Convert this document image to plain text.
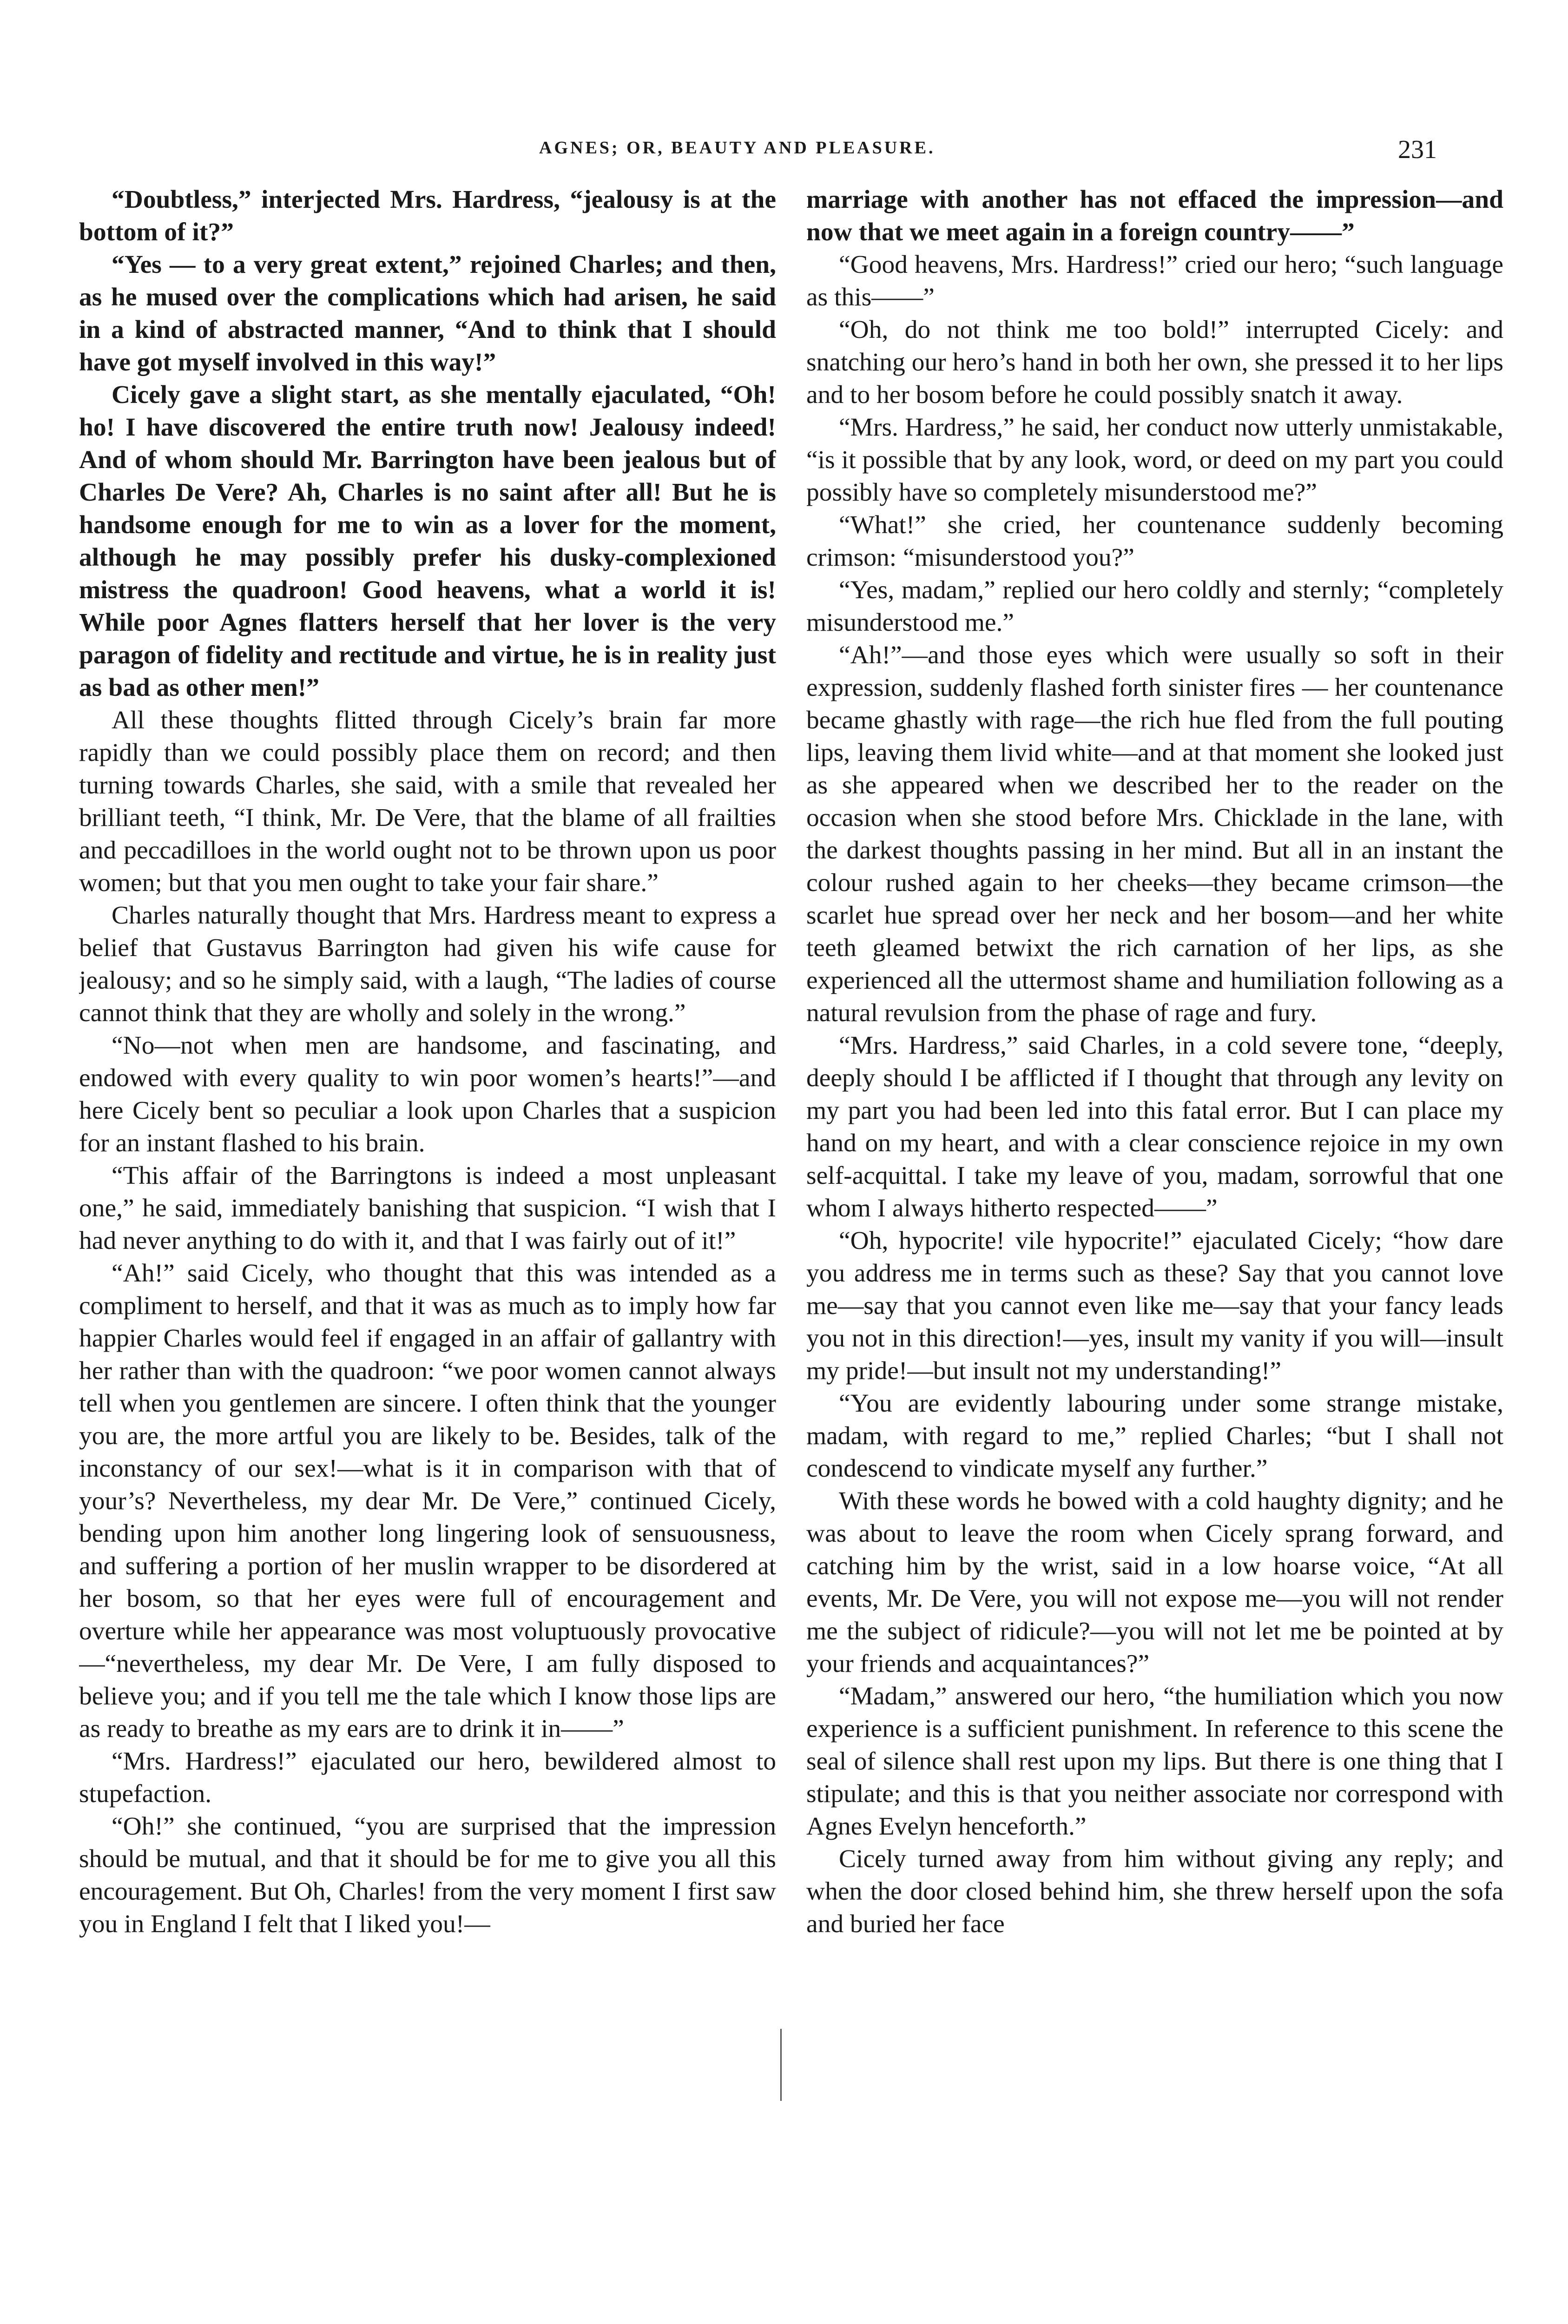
AGNES; OR, BEAUTY AND PLEASURE.	231

“Doubtless,” interjected Mrs. Hardress, “jealousy is at the bottom of it?”

“Yes — to a very great extent,” rejoined Charles; and then, as he mused over the complications which had arisen, he said in a kind of abstracted manner, “And to think that I should have got myself involved in this way!”

Cicely gave a slight start, as she mentally ejaculated, “Oh! ho! I have discovered the entire truth now! Jealousy indeed! And of whom should Mr. Barrington have been jealous but of Charles De Vere? Ah, Charles is no saint after all! But he is handsome enough for me to win as a lover for the moment, although he may possibly prefer his dusky-complexioned mistress the quadroon! Good heavens, what a world it is! While poor Agnes flatters herself that her lover is the very paragon of fidelity and rectitude and virtue, he is in reality just as bad as other men!”

All these thoughts flitted through Cicely’s brain far more rapidly than we could possibly place them on record; and then turning towards Charles, she said, with a smile that revealed her brilliant teeth, “I think, Mr. De Vere, that the blame of all frailties and peccadilloes in the world ought not to be thrown upon us poor women; but that you men ought to take your fair share.”

Charles naturally thought that Mrs. Hardress meant to express a belief that Gustavus Barrington had given his wife cause for jealousy; and so he simply said, with a laugh, “The ladies of course cannot think that they are wholly and solely in the wrong.”

“No—not when men are handsome, and fascinating, and endowed with every quality to win poor women’s hearts!”—and here Cicely bent so peculiar a look upon Charles that a suspicion for an instant flashed to his brain.

“This affair of the Barringtons is indeed a most unpleasant one,” he said, immediately banishing that suspicion. “I wish that I had never anything to do with it, and that I was fairly out of it!”

“Ah!” said Cicely, who thought that this was intended as a compliment to herself, and that it was as much as to imply how far happier Charles would feel if engaged in an affair of gallantry with her rather than with the quadroon: “we poor women cannot always tell when you gentlemen are sincere. I often think that the younger you are, the more artful you are likely to be. Besides, talk of the inconstancy of our sex!—what is it in comparison with that of your’s? Nevertheless, my dear Mr. De Vere,” continued Cicely, bending upon him another long lingering look of sensuousness, and suffering a portion of her muslin wrapper to be disordered at her bosom, so that her eyes were full of encouragement and overture while her appearance was most voluptuously provocative—“nevertheless, my dear Mr. De Vere, I am fully disposed to believe you; and if you tell me the tale which I know those lips are as ready to breathe as my ears are to drink it in——”

“Mrs. Hardress!” ejaculated our hero, bewildered almost to stupefaction.

“Oh!” she continued, “you are surprised that the impression should be mutual, and that it should be for me to give you all this encouragement. But Oh, Charles! from the very moment I first saw you in England I felt that I liked you!—

marriage with another has not effaced the impression—and now that we meet again in a foreign country——”

“Good heavens, Mrs. Hardress!” cried our hero; “such language as this——”

“Oh, do not think me too bold!” interrupted Cicely: and snatching our hero’s hand in both her own, she pressed it to her lips and to her bosom before he could possibly snatch it away.

“Mrs. Hardress,” he said, her conduct now utterly unmistakable, “is it possible that by any look, word, or deed on my part you could possibly have so completely misunderstood me?”

“What!” she cried, her countenance suddenly becoming crimson: “misunderstood you?”

“Yes, madam,” replied our hero coldly and sternly; “completely misunderstood me.”

“Ah!”—and those eyes which were usually so soft in their expression, suddenly flashed forth sinister fires — her countenance became ghastly with rage—the rich hue fled from the full pouting lips, leaving them livid white—and at that moment she looked just as she appeared when we described her to the reader on the occasion when she stood before Mrs. Chicklade in the lane, with the darkest thoughts passing in her mind. But all in an instant the colour rushed again to her cheeks—they became crimson—the scarlet hue spread over her neck and her bosom—and her white teeth gleamed betwixt the rich carnation of her lips, as she experienced all the uttermost shame and humiliation following as a natural revulsion from the phase of rage and fury.

“Mrs. Hardress,” said Charles, in a cold severe tone, “deeply, deeply should I be afflicted if I thought that through any levity on my part you had been led into this fatal error. But I can place my hand on my heart, and with a clear conscience rejoice in my own self-acquittal. I take my leave of you, madam, sorrowful that one whom I always hitherto respected——”

“Oh, hypocrite! vile hypocrite!” ejaculated Cicely; “how dare you address me in terms such as these? Say that you cannot love me—say that you cannot even like me—say that your fancy leads you not in this direction!—yes, insult my vanity if you will—insult my pride!—but insult not my understanding!”

“You are evidently labouring under some strange mistake, madam, with regard to me,” replied Charles; “but I shall not condescend to vindicate myself any further.”

With these words he bowed with a cold haughty dignity; and he was about to leave the room when Cicely sprang forward, and catching him by the wrist, said in a low hoarse voice, “At all events, Mr. De Vere, you will not expose me—you will not render me the subject of ridicule?—you will not let me be pointed at by your friends and acquaintances?”

“Madam,” answered our hero, “the humiliation which you now experience is a sufficient punishment. In reference to this scene the seal of silence shall rest upon my lips. But there is one thing that I stipulate; and this is that you neither associate nor correspond with Agnes Evelyn henceforth.”

Cicely turned away from him without giving any reply; and when the door closed behind him, she threw herself upon the sofa and buried her face
